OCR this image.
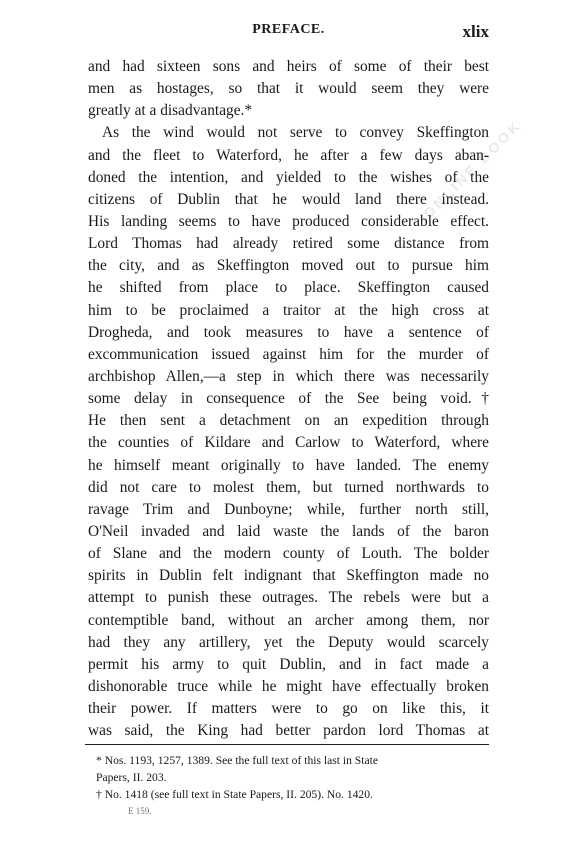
PREFACE.	xlix
ONLINE BOOK
and had sixteen sons and heirs of some of their best
men as hostages, so that it would seem they were
greatly at a disadvantage.*
As the wind would not serve to convey Skeffington
and the fleet to Waterford, he after a few days aban-
doned the intention, and yielded to the wishes of the
citizens of Dublin that he would land there instead.
His landing seems to have produced considerable effect.
Lord Thomas had already retired some distance from
the city, and as Skeffington moved out to pursue him
he shifted from place to place. Skeffington caused
him to be proclaimed a traitor at the high cross at
Drogheda, and took measures to have a sentence of
excommunication issued against him for the murder of
archbishop Allen,—a step in which there was necessarily
some delay in consequence of the See being void.†
He then sent a detachment on an expedition through
the counties of Kildare and Carlow to Waterford, where
he himself meant originally to have landed. The enemy
did not care to molest them, but turned northwards to
ravage Trim and Dunboyne; while, further north still,
O'Neil invaded and laid waste the lands of the baron
of Slane and the modern county of Louth. The bolder
spirits in Dublin felt indignant that Skeffington made no
attempt to punish these outrages. The rebels were but a
contemptible band, without an archer among them, nor
had they any artillery, yet the Deputy would scarcely
permit his army to quit Dublin, and in fact made a
dishonorable truce while he might have effectually broken
their power. If matters were to go on like this, it
was said, the King had better pardon lord Thomas at
* Nos. 1193, 1257, 1389. See the full text of this last in State
Papers, II. 203.
† No. 1418 (see full text in State Papers, II. 205). No. 1420.
E 159.
